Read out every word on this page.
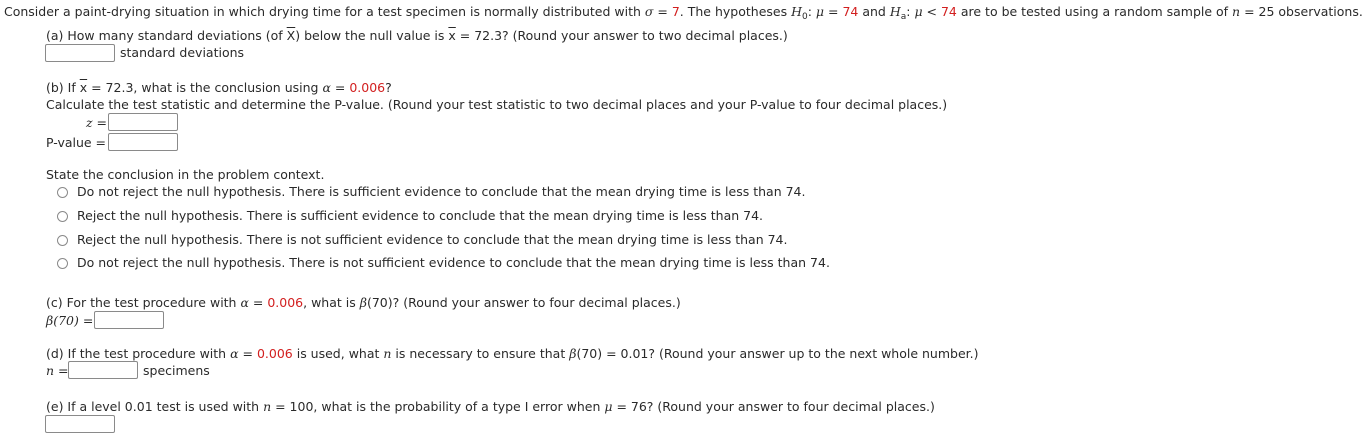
Consider a paint-drying situation in which drying time for a test specimen is normally distributed with σ = 7. The hypotheses $H_0$: μ = 74 and $H_a$: μ < 74 are to be tested using a random sample of n = 25 observations.
(a) How many standard deviations (of $\overline{X}$) below the null value is $\overline{x} = 72.3$? (Round your answer to two decimal places.)
standard deviations
(b) If $\overline{x} = 72.3$, what is the conclusion using α = 0.006?
Calculate the test statistic and determine the P-value. (Round your test statistic to two decimal places and your P-value to four decimal places.)
z =
P-value =
State the conclusion in the problem context.
Do not reject the null hypothesis. There is sufficient evidence to conclude that the mean drying time is less than 74.
Reject the null hypothesis. There is sufficient evidence to conclude that the mean drying time is less than 74.
Reject the null hypothesis. There is not sufficient evidence to conclude that the mean drying time is less than 74.
Do not reject the null hypothesis. There is not sufficient evidence to conclude that the mean drying time is less than 74.
(c) For the test procedure with α = 0.006, what is β(70)? (Round your answer to four decimal places.)
β(70) =
(d) If the test procedure with α = 0.006 is used, what n is necessary to ensure that β(70) = 0.01? (Round your answer up to the next whole number.)
n =	specimens
(e) If a level 0.01 test is used with n = 100, what is the probability of a type I error when μ = 76? (Round your answer to four decimal places.)
